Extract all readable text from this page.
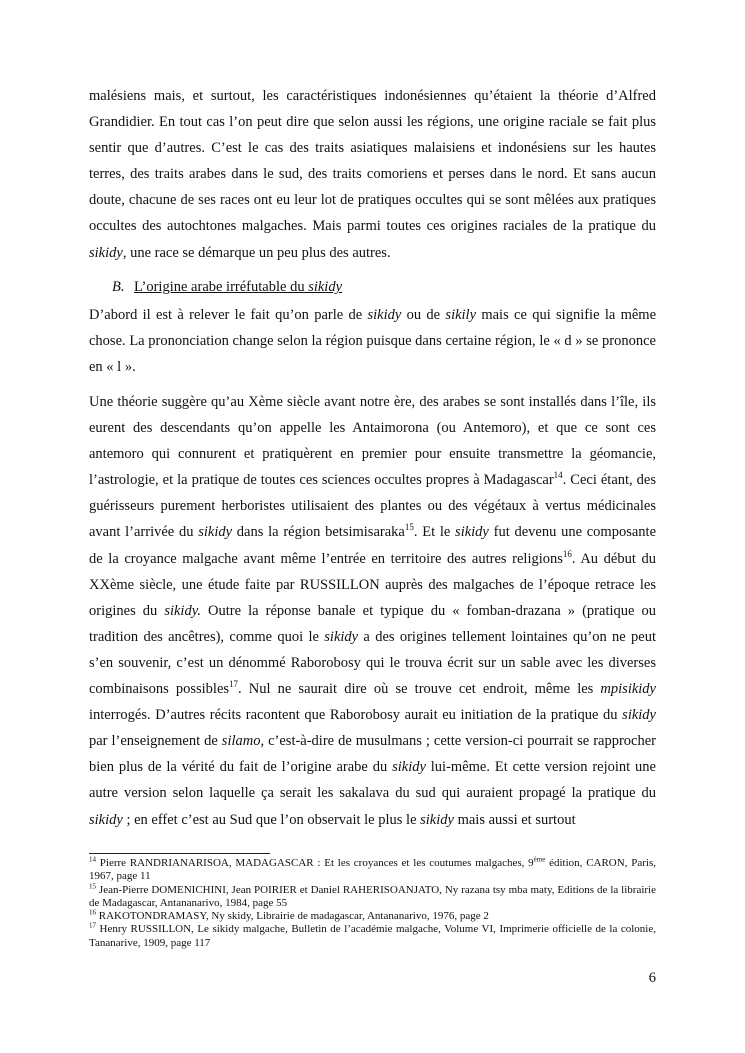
malésiens mais, et surtout, les caractéristiques indonésiennes qu’étaient la théorie d’Alfred Grandidier. En tout cas l’on peut dire que selon aussi les régions, une origine raciale se fait plus sentir que d’autres. C’est le cas des traits asiatiques malaisiens et indonésiens sur les hautes terres, des traits arabes dans le sud, des traits comoriens et perses dans le nord. Et sans aucun doute, chacune de ses races ont eu leur lot de pratiques occultes qui se sont mêlées aux pratiques occultes des autochtones malgaches. Mais parmi toutes ces origines raciales de la pratique du sikidy, une race se démarque un peu plus des autres.

B. L’origine arabe irréfutable du sikidy

D’abord il est à relever le fait qu’on parle de sikidy ou de sikily mais ce qui signifie la même chose. La prononciation change selon la région puisque dans certaine région, le « d » se prononce en « l ».

Une théorie suggère qu’au Xème siècle avant notre ère, des arabes se sont installés dans l’île, ils eurent des descendants qu’on appelle les Antaimorona (ou Antemoro), et que ce sont ces antemoro qui connurent et pratiquèrent en premier pour ensuite transmettre la géomancie, l’astrologie, et la pratique de toutes ces sciences occultes propres à Madagascar$^{14}$. Ceci étant, des guérisseurs purement herboristes utilisaient des plantes ou des végétaux à vertus médicinales avant l’arrivée du sikidy dans la région betsimisaraka$^{15}$. Et le sikidy fut devenu une composante de la croyance malgache avant même l’entrée en territoire des autres religions$^{16}$. Au début du XXème siècle, une étude faite par RUSSILLON auprès des malgaches de l’époque retrace les origines du sikidy. Outre la réponse banale et typique du « fomban-drazana » (pratique ou tradition des ancêtres), comme quoi le sikidy a des origines tellement lointaines qu’on ne peut s’en souvenir, c’est un dénommé Raborobosy qui le trouva écrit sur un sable avec les diverses combinaisons possibles$^{17}$. Nul ne saurait dire où se trouve cet endroit, même les mpisikidy interrogés. D’autres récits racontent que Raborobosy aurait eu initiation de la pratique du sikidy par l’enseignement de silamo, c’est-à-dire de musulmans ; cette version-ci pourrait se rapprocher bien plus de la vérité du fait de l’origine arabe du sikidy lui-même. Et cette version rejoint une autre version selon laquelle ça serait les sakalava du sud qui auraient propagé la pratique du sikidy ; en effet c’est au Sud que l’on observait le plus le sikidy mais aussi et surtout

$^{14}$ Pierre RANDRIANARISOA, MADAGASCAR : Et les croyances et les coutumes malgaches, 9ème édition, CARON, Paris, 1967, page 11

$^{15}$ Jean-Pierre DOMENICHINI, Jean POIRIER et Daniel RAHERISOANJATO, Ny razana tsy mba maty, Editions de la librairie de Madagascar, Antananarivo, 1984, page 55

$^{16}$ RAKOTONDRAMASY, Ny skidy, Librairie de madagascar, Antananarivo, 1976, page 2

$^{17}$ Henry RUSSILLON, Le sikidy malgache, Bulletin de l’académie malgache, Volume VI, Imprimerie officielle de la colonie, Tananarive, 1909, page 117

6
